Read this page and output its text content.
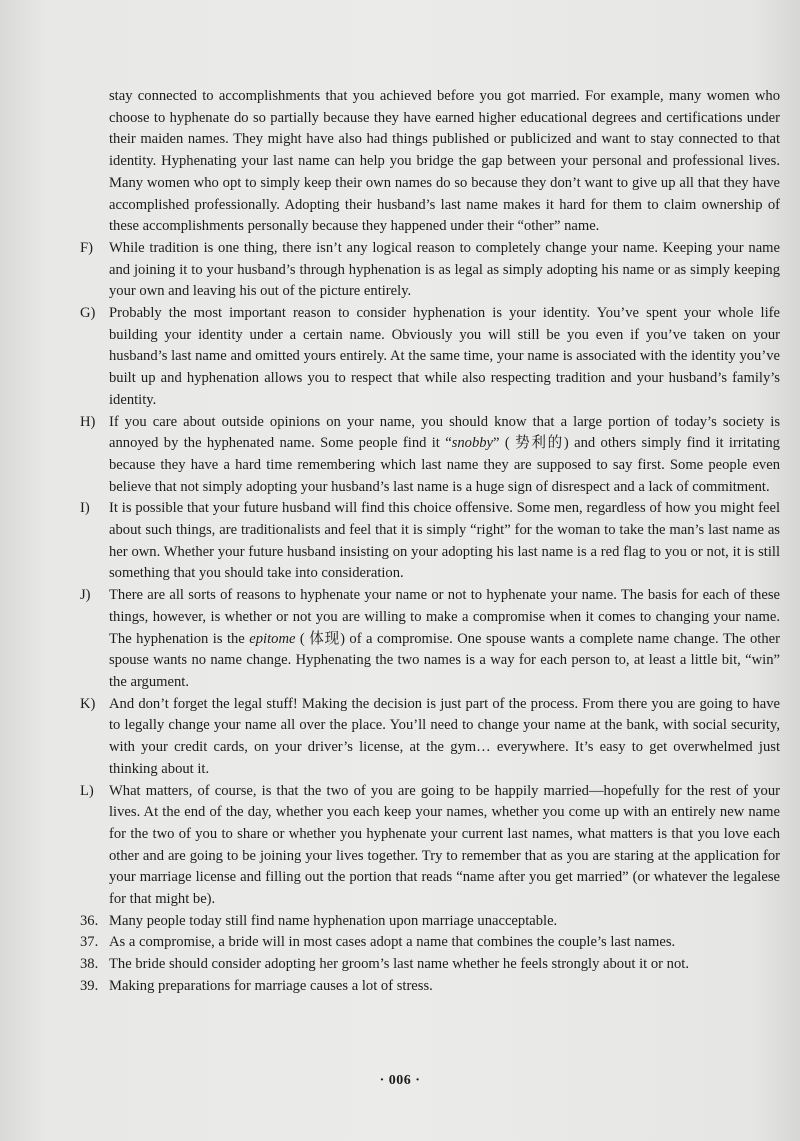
stay connected to accomplishments that you achieved before you got married. For example, many women who choose to hyphenate do so partially because they have earned higher educational degrees and certifications under their maiden names. They might have also had things published or publicized and want to stay connected to that identity. Hyphenating your last name can help you bridge the gap between your personal and professional lives. Many women who opt to simply keep their own names do so because they don’t want to give up all that they have accomplished professionally. Adopting their husband’s last name makes it hard for them to claim ownership of these accomplishments personally because they happened under their “other” name.

F) While tradition is one thing, there isn’t any logical reason to completely change your name. Keeping your name and joining it to your husband’s through hyphenation is as legal as simply adopting his name or as simply keeping your own and leaving his out of the picture entirely.

G) Probably the most important reason to consider hyphenation is your identity. You’ve spent your whole life building your identity under a certain name. Obviously you will still be you even if you’ve taken on your husband’s last name and omitted yours entirely. At the same time, your name is associated with the identity you’ve built up and hyphenation allows you to respect that while also respecting tradition and your husband’s family’s identity.

H) If you care about outside opinions on your name, you should know that a large portion of today’s society is annoyed by the hyphenated name. Some people find it “snobby” ( 势利的) and others simply find it irritating because they have a hard time remembering which last name they are supposed to say first. Some people even believe that not simply adopting your husband’s last name is a huge sign of disrespect and a lack of commitment.

I) It is possible that your future husband will find this choice offensive. Some men, regardless of how you might feel about such things, are traditionalists and feel that it is simply “right” for the woman to take the man’s last name as her own. Whether your future husband insisting on your adopting his last name is a red flag to you or not, it is still something that you should take into consideration.

J) There are all sorts of reasons to hyphenate your name or not to hyphenate your name. The basis for each of these things, however, is whether or not you are willing to make a compromise when it comes to changing your name. The hyphenation is the epitome ( 体现) of a compromise. One spouse wants a complete name change. The other spouse wants no name change. Hyphenating the two names is a way for each person to, at least a little bit, “win” the argument.

K) And don’t forget the legal stuff! Making the decision is just part of the process. From there you are going to have to legally change your name all over the place. You’ll need to change your name at the bank, with social security, with your credit cards, on your driver’s license, at the gym… everywhere. It’s easy to get overwhelmed just thinking about it.

L) What matters, of course, is that the two of you are going to be happily married—hopefully for the rest of your lives. At the end of the day, whether you each keep your names, whether you come up with an entirely new name for the two of you to share or whether you hyphenate your current last names, what matters is that you love each other and are going to be joining your lives together. Try to remember that as you are staring at the application for your marriage license and filling out the portion that reads “name after you get married” (or whatever the legalese for that might be).

36. Many people today still find name hyphenation upon marriage unacceptable.

37. As a compromise, a bride will in most cases adopt a name that combines the couple’s last names.

38. The bride should consider adopting her groom’s last name whether he feels strongly about it or not.

39. Making preparations for marriage causes a lot of stress.

· 006 ·
